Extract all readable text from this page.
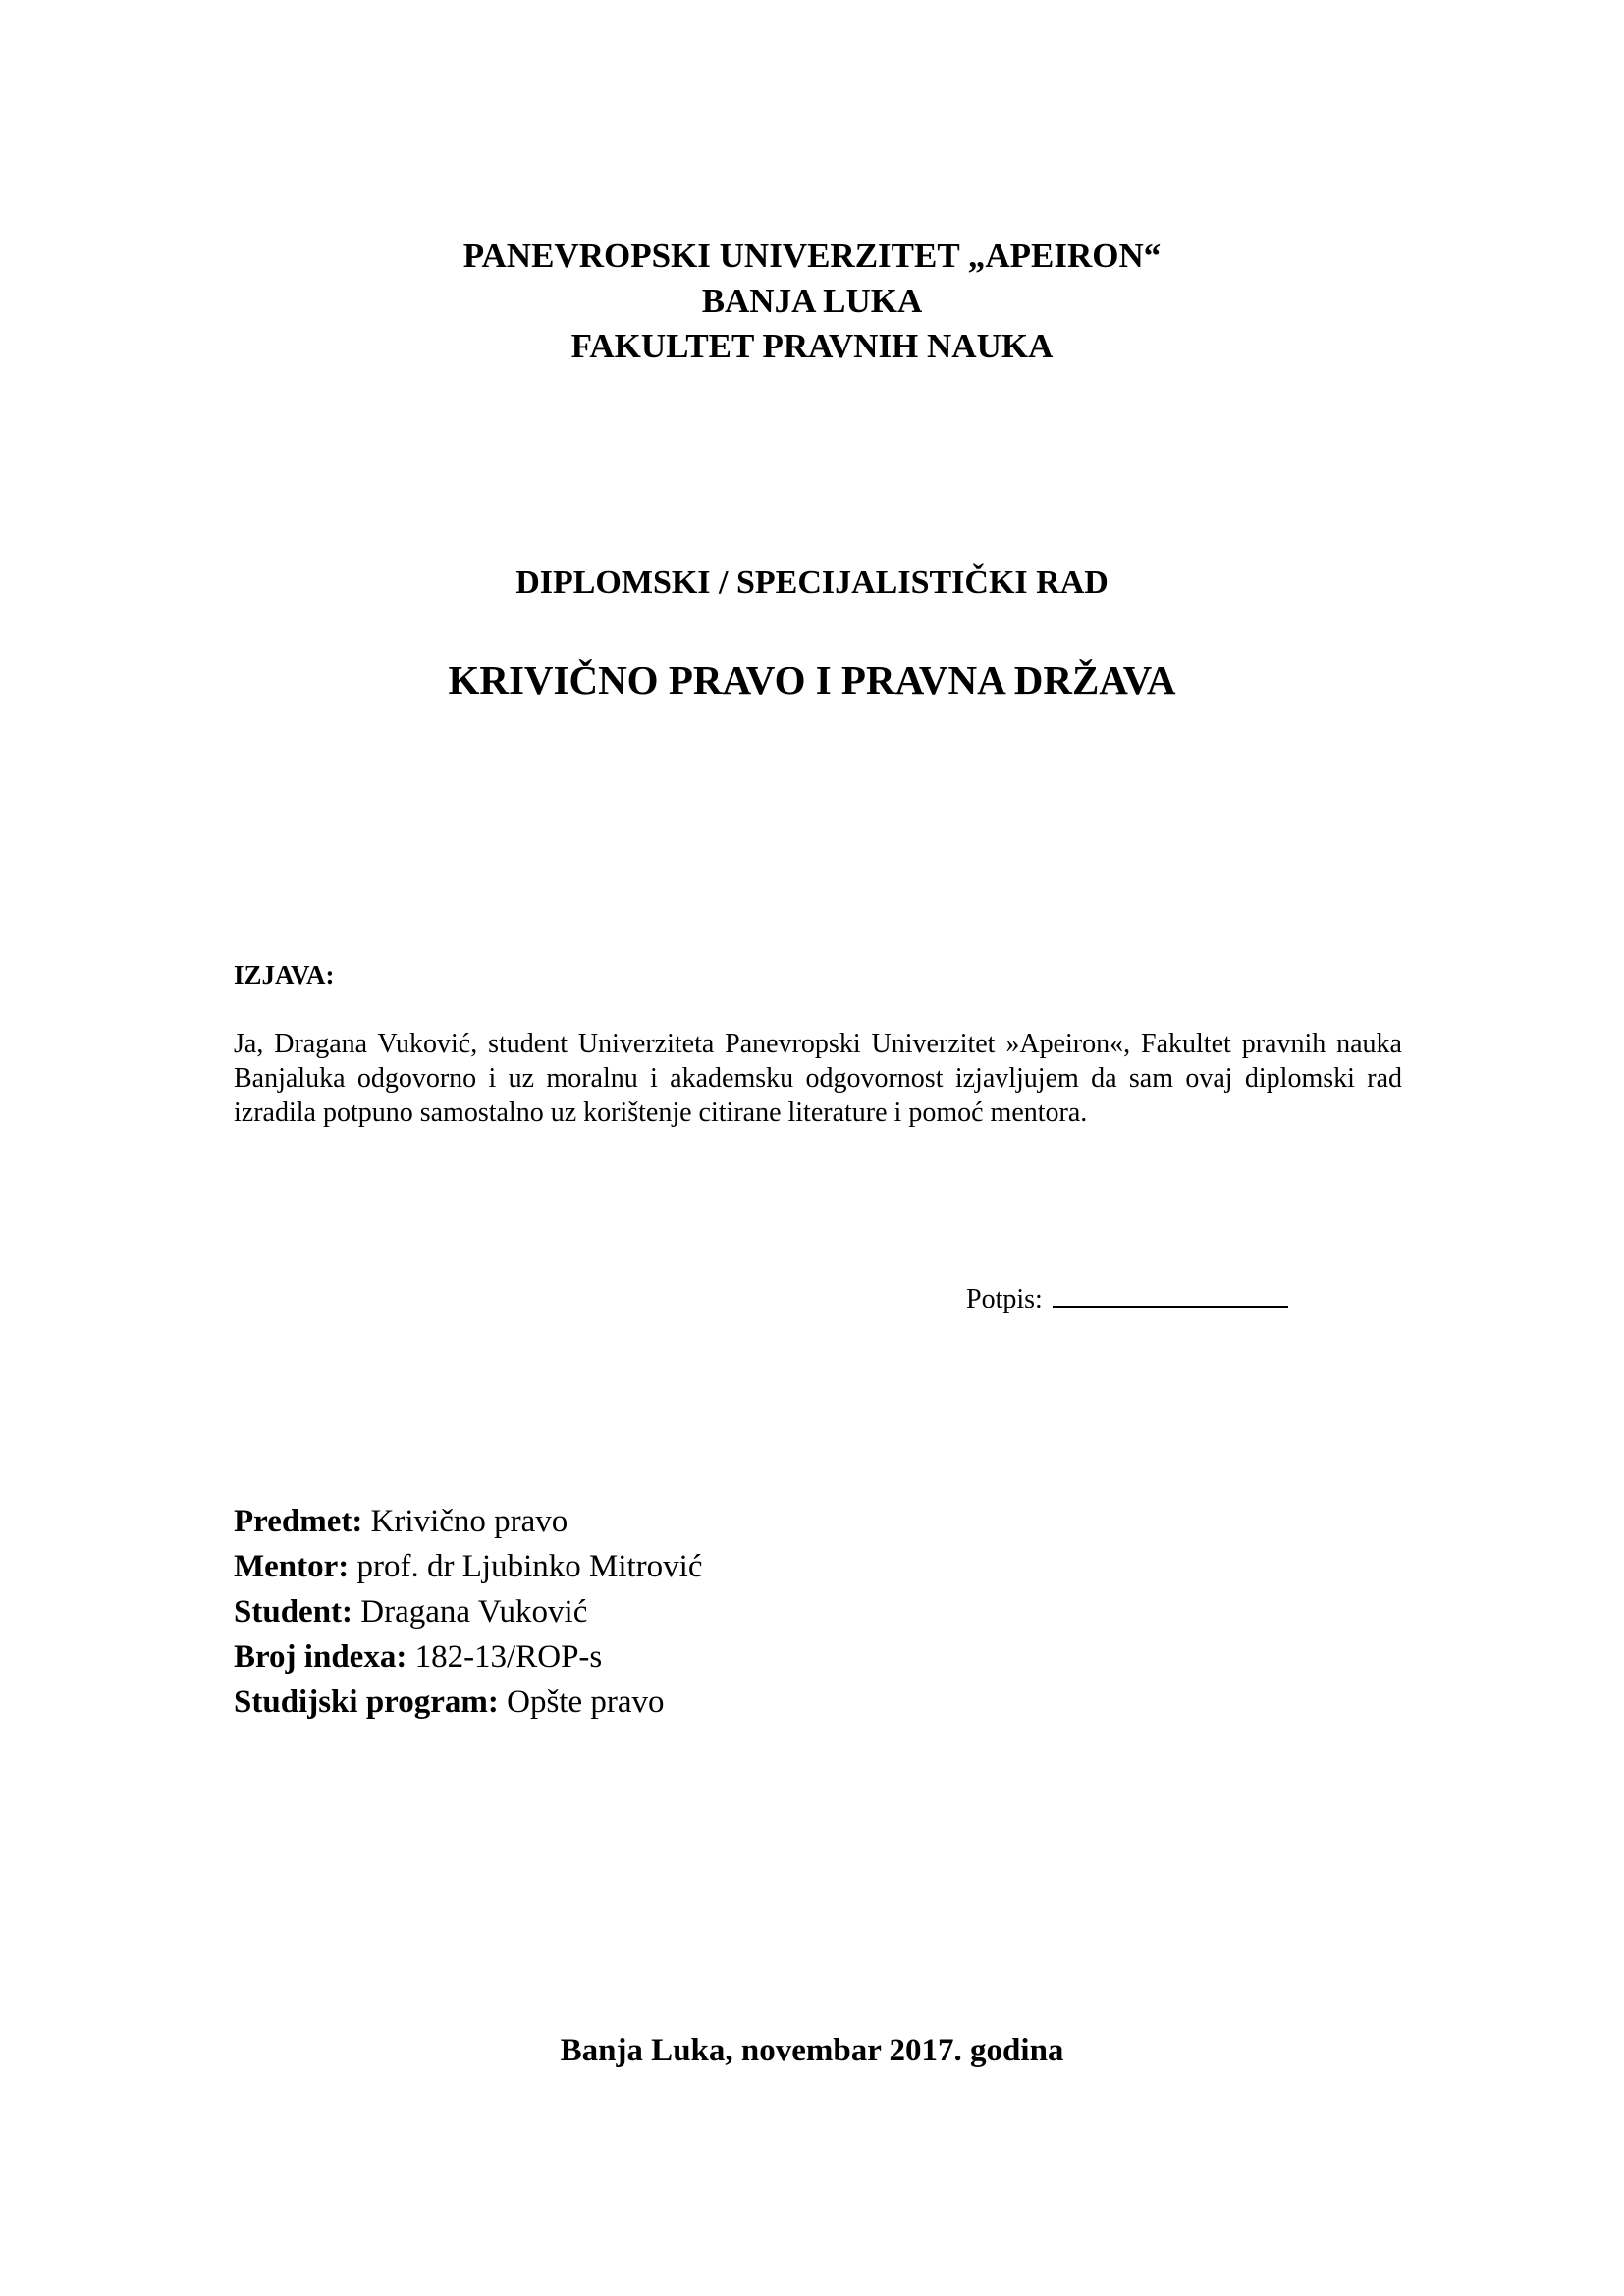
PANEVROPSKI UNIVERZITET „APEIRON“
BANJA LUKA
FAKULTET PRAVNIH NAUKA
DIPLOMSKI / SPECIJALISTIČKI RAD
KRIVIČNO PRAVO I PRAVNA DRŽAVA
IZJAVA:
Ja, Dragana Vuković, student Univerziteta Panevropski Univerzitet »Apeiron«, Fakultet pravnih nauka Banjaluka odgovorno i uz moralnu i akademsku odgovornost izjavljujem da sam ovaj diplomski rad izradila potpuno samostalno uz korištenje citirane literature i pomoć mentora.
Potpis:
Predmet: Krivično pravo
Mentor: prof. dr Ljubinko Mitrović
Student: Dragana Vuković
Broj indexa: 182-13/ROP-s
Studijski program: Opšte pravo
Banja Luka, novembar 2017. godina
